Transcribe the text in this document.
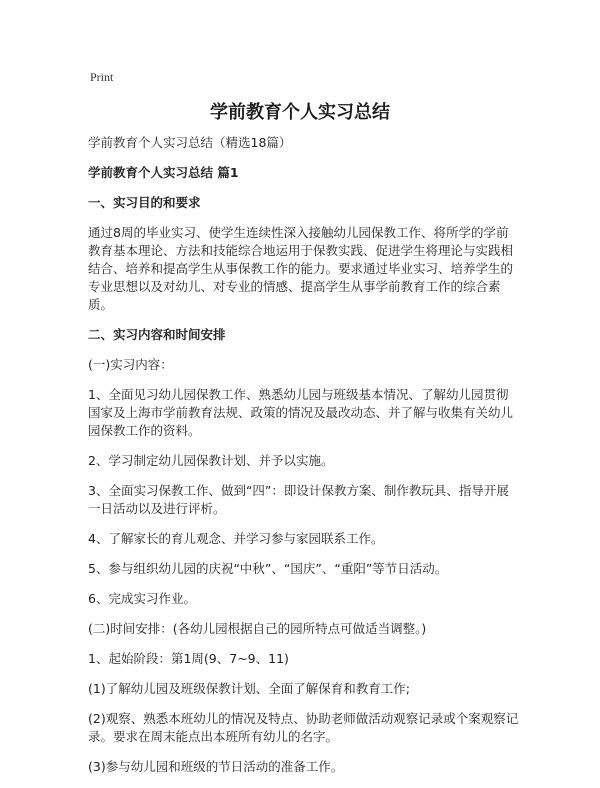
Print
学前教育个人实习总结

学前教育个人实习总结（精选18篇）

学前教育个人实习总结 篇1

一、实习目的和要求

通过8周的毕业实习、使学生连续性深入接触幼儿园保教工作、将所学的学前教育基本理论、方法和技能综合地运用于保教实践、促进学生将理论与实践相结合、培养和提高学生从事保教工作的能力。要求通过毕业实习、培养学生的专业思想以及对幼儿、对专业的情感、提高学生从事学前教育工作的综合素质。

二、实习内容和时间安排

(一)实习内容：

1、全面见习幼儿园保教工作、熟悉幼儿园与班级基本情况、了解幼儿园贯彻国家及上海市学前教育法规、政策的情况及最改动态、并了解与收集有关幼儿园保教工作的资料。

2、学习制定幼儿园保教计划、并予以实施。

3、全面实习保教工作、做到“四”：即设计保教方案、制作教玩具、指导开展一日活动以及进行评析。

4、了解家长的育儿观念、并学习参与家园联系工作。

5、参与组织幼儿园的庆祝“中秋”、“国庆”、“重阳”等节日活动。

6、完成实习作业。

(二)时间安排：(各幼儿园根据自己的园所特点可做适当调整。)

1、起始阶段：第1周(9、7~9、11)

(1)了解幼儿园及班级保教计划、全面了解保育和教育工作;

(2)观察、熟悉本班幼儿的情况及特点、协助老师做活动观察记录或个案观察记录。要求在周末能点出本班所有幼儿的名字。

(3)参与幼儿园和班级的节日活动的准备工作。
